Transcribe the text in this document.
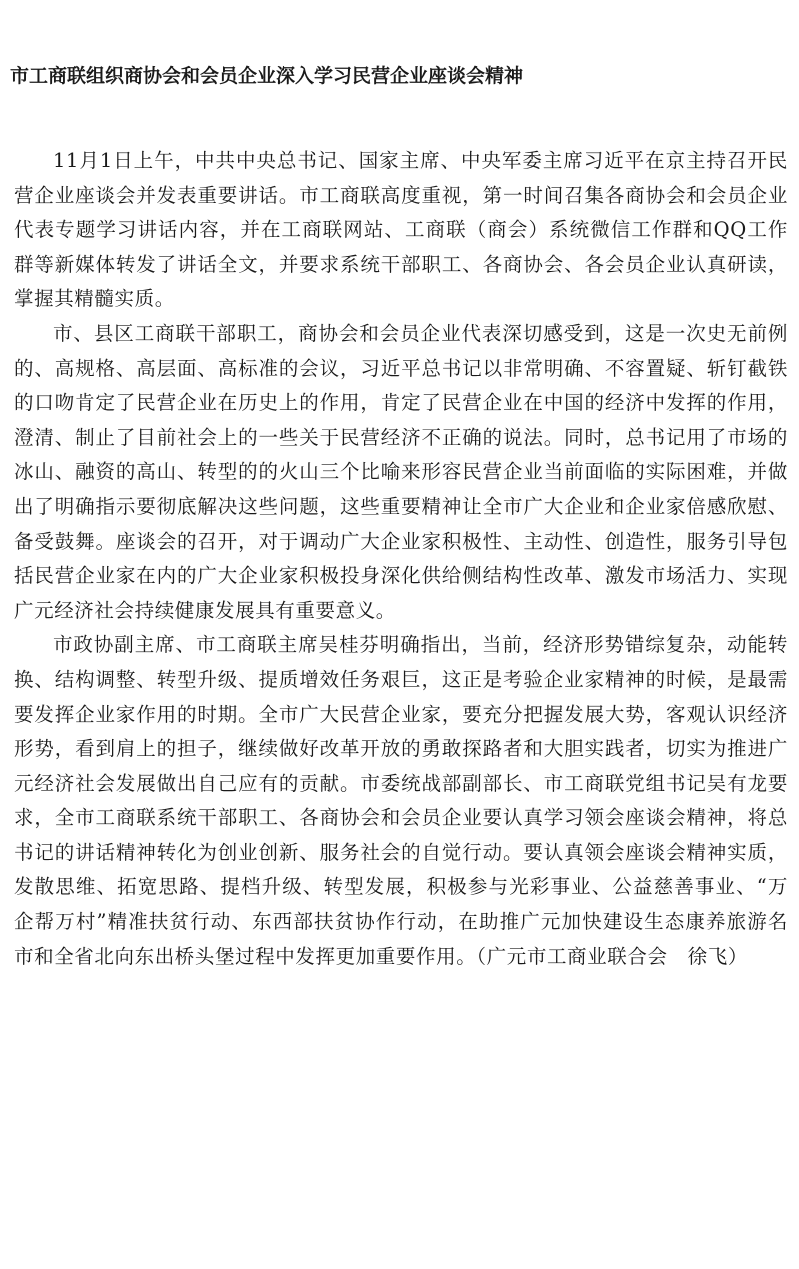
市工商联组织商协会和会员企业深入学习民营企业座谈会精神

11月1日上午，中共中央总书记、国家主席、中央军委主席习近平在京主持召开民营企业座谈会并发表重要讲话。市工商联高度重视，第一时间召集各商协会和会员企业代表专题学习讲话内容，并在工商联网站、工商联（商会）系统微信工作群和QQ工作群等新媒体转发了讲话全文，并要求系统干部职工、各商协会、各会员企业认真研读，掌握其精髓实质。

市、县区工商联干部职工，商协会和会员企业代表深切感受到，这是一次史无前例的、高规格、高层面、高标准的会议，习近平总书记以非常明确、不容置疑、斩钉截铁的口吻肯定了民营企业在历史上的作用，肯定了民营企业在中国的经济中发挥的作用，澄清、制止了目前社会上的一些关于民营经济不正确的说法。同时，总书记用了市场的冰山、融资的高山、转型的的火山三个比喻来形容民营企业当前面临的实际困难，并做出了明确指示要彻底解决这些问题，这些重要精神让全市广大企业和企业家倍感欣慰、备受鼓舞。座谈会的召开，对于调动广大企业家积极性、主动性、创造性，服务引导包括民营企业家在内的广大企业家积极投身深化供给侧结构性改革、激发市场活力、实现广元经济社会持续健康发展具有重要意义。

市政协副主席、市工商联主席吴桂芬明确指出，当前，经济形势错综复杂，动能转换、结构调整、转型升级、提质增效任务艰巨，这正是考验企业家精神的时候，是最需要发挥企业家作用的时期。全市广大民营企业家，要充分把握发展大势，客观认识经济形势，看到肩上的担子，继续做好改革开放的勇敢探路者和大胆实践者，切实为推进广元经济社会发展做出自己应有的贡献。市委统战部副部长、市工商联党组书记吴有龙要求，全市工商联系统干部职工、各商协会和会员企业要认真学习领会座谈会精神，将总书记的讲话精神转化为创业创新、服务社会的自觉行动。要认真领会座谈会精神实质，发散思维、拓宽思路、提档升级、转型发展，积极参与光彩事业、公益慈善事业、“万企帮万村”精准扶贫行动、东西部扶贫协作行动，在助推广元加快建设生态康养旅游名市和全省北向东出桥头堡过程中发挥更加重要作用。（广元市工商业联合会　徐飞）
